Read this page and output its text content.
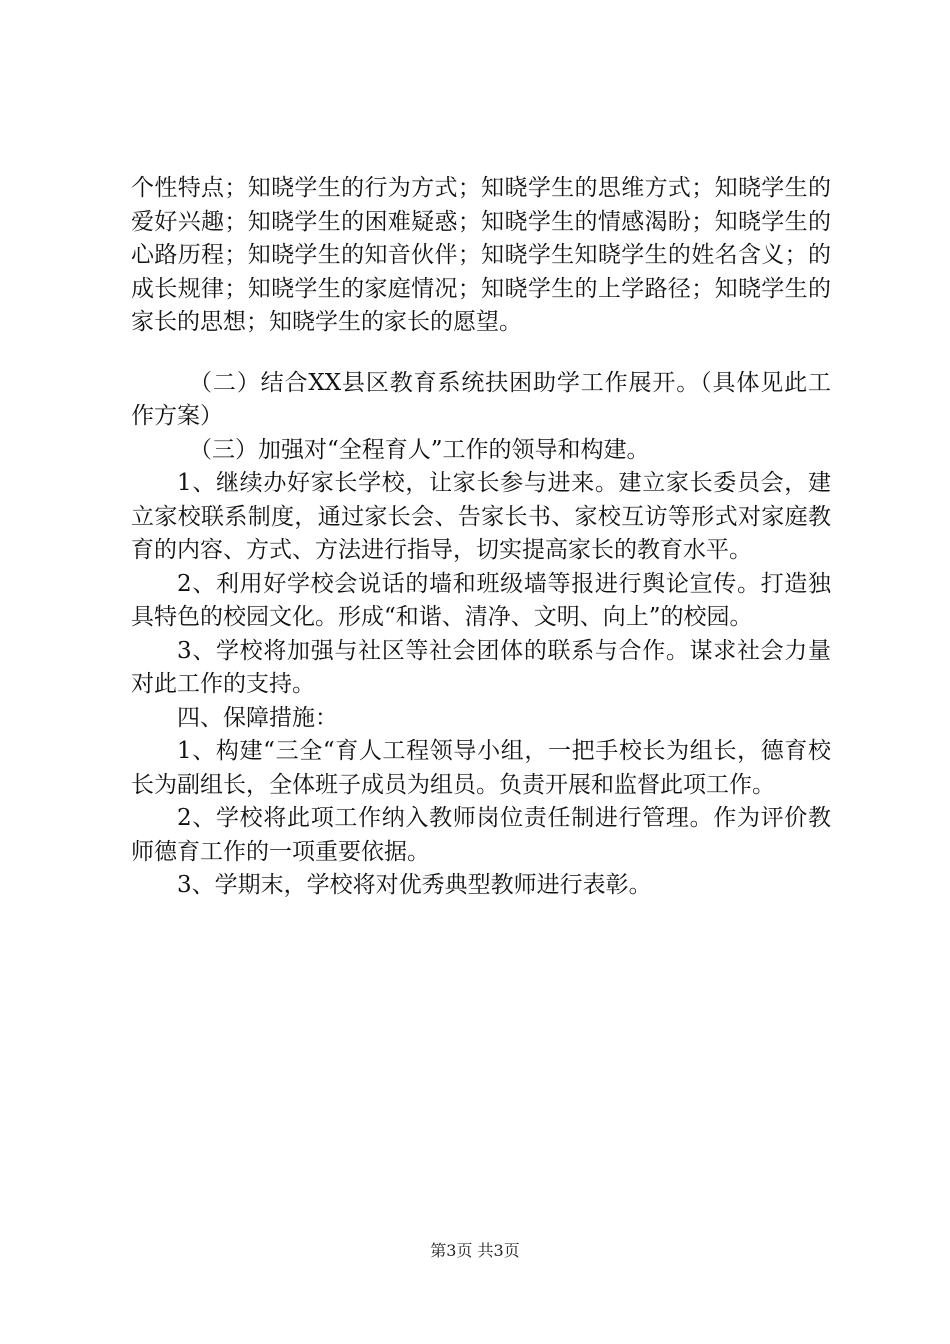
个性特点；知晓学生的行为方式；知晓学生的思维方式；知晓学生的爱好兴趣；知晓学生的困难疑惑；知晓学生的情感渴盼；知晓学生的心路历程；知晓学生的知音伙伴；知晓学生知晓学生的姓名含义；的成长规律；知晓学生的家庭情况；知晓学生的上学路径；知晓学生的家长的思想；知晓学生的家长的愿望。

（二）结合XX县区教育系统扶困助学工作展开。（具体见此工作方案）

（三）加强对“全程育人”工作的领导和构建。

1、继续办好家长学校，让家长参与进来。建立家长委员会，建立家校联系制度，通过家长会、告家长书、家校互访等形式对家庭教育的内容、方式、方法进行指导，切实提高家长的教育水平。

2、利用好学校会说话的墙和班级墙等报进行舆论宣传。打造独具特色的校园文化。形成“和谐、清净、文明、向上”的校园。

3、学校将加强与社区等社会团体的联系与合作。谋求社会力量对此工作的支持。

四、保障措施：

1、构建“三全“育人工程领导小组，一把手校长为组长，德育校长为副组长，全体班子成员为组员。负责开展和监督此项工作。

2、学校将此项工作纳入教师岗位责任制进行管理。作为评价教师德育工作的一项重要依据。

3、学期末，学校将对优秀典型教师进行表彰。

第3页 共3页
